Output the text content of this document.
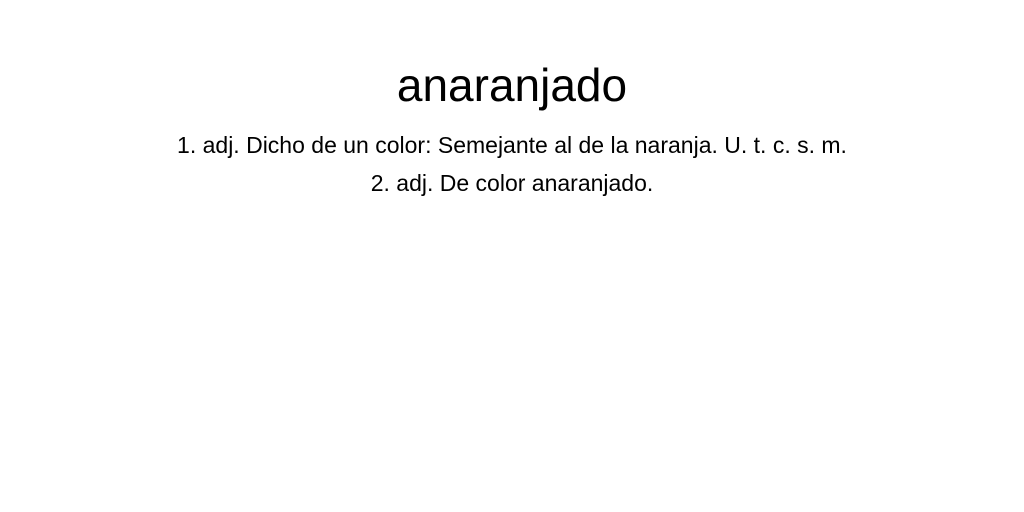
anaranjado
1. adj. Dicho de un color: Semejante al de la naranja. U. t. c. s. m.
2. adj. De color anaranjado.
